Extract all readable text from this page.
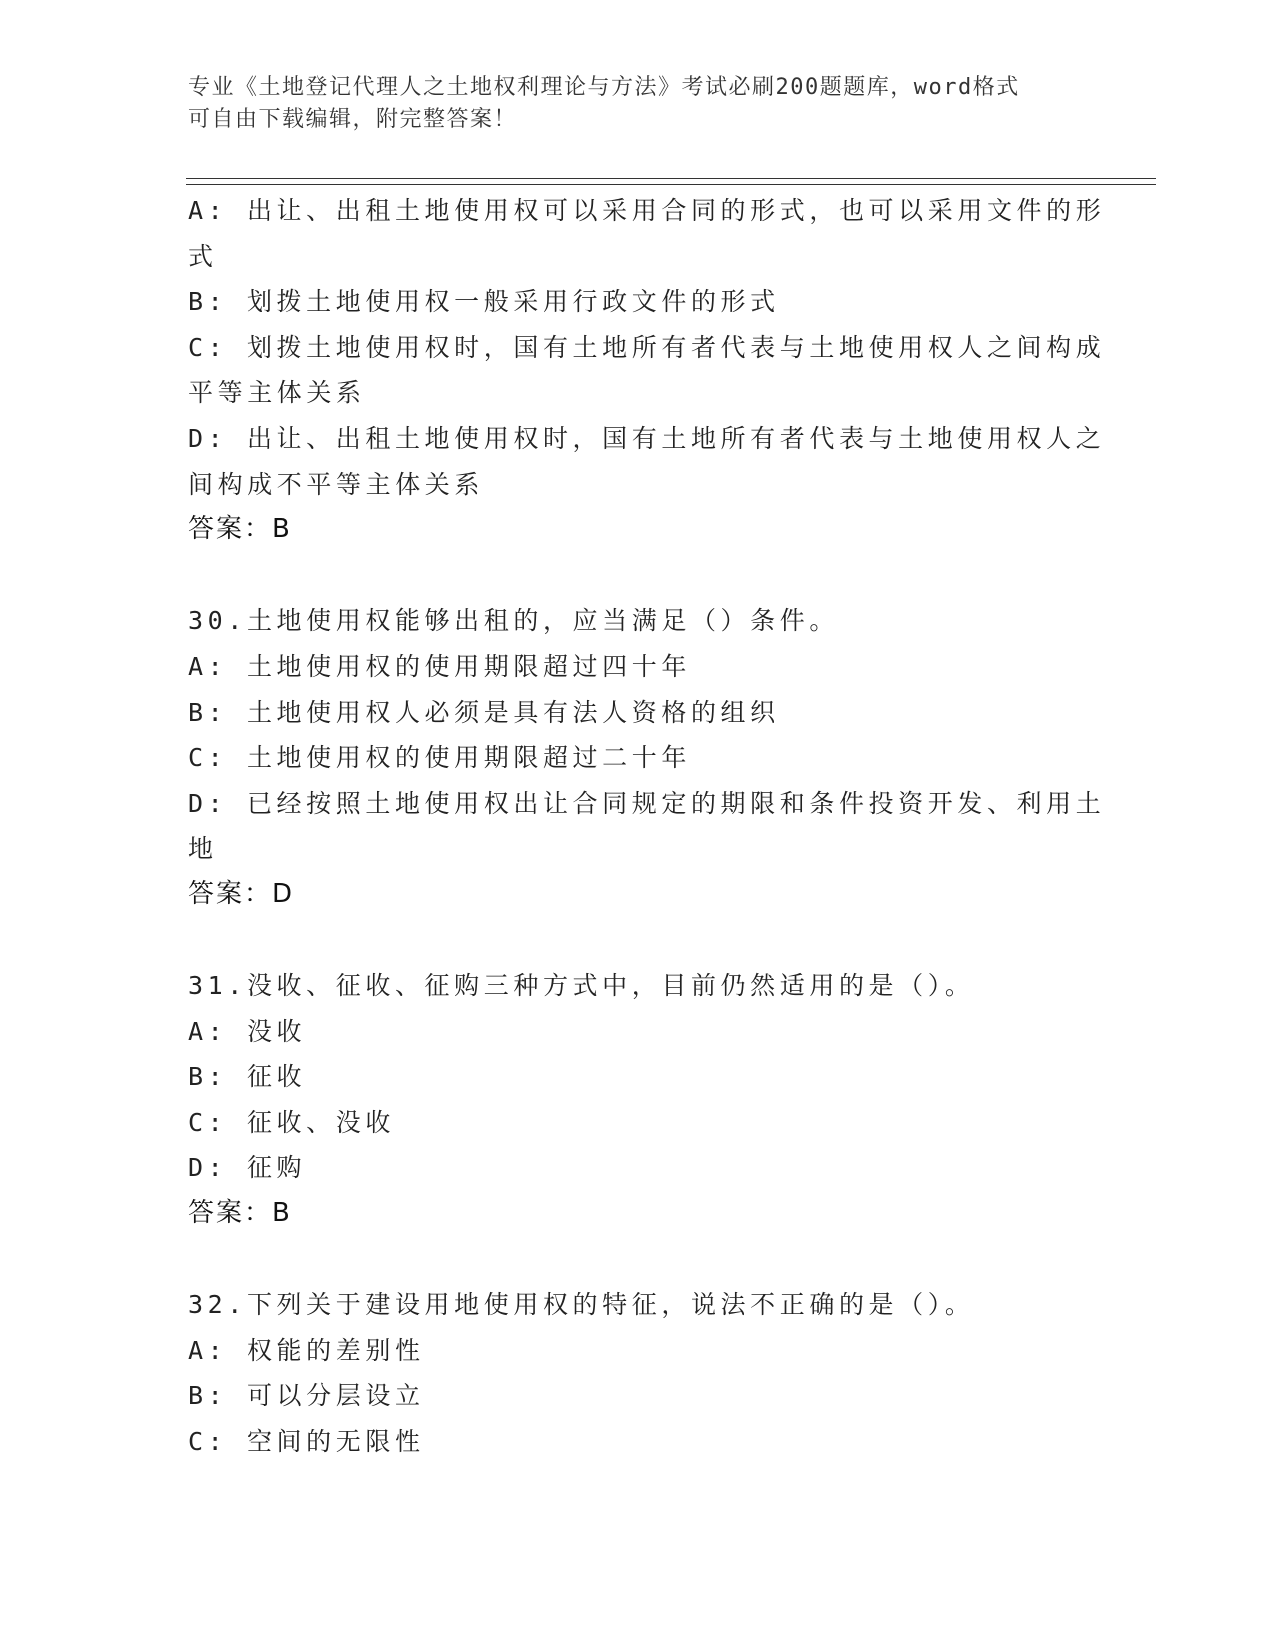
专业《土地登记代理人之土地权利理论与方法》考试必刷200题题库，word格式
可自由下载编辑，附完整答案！
A: 出让、出租土地使用权可以采用合同的形式，也可以采用文件的形
式
B: 划拨土地使用权一般采用行政文件的形式
C: 划拨土地使用权时，国有土地所有者代表与土地使用权人之间构成
平等主体关系
D: 出让、出租土地使用权时，国有土地所有者代表与土地使用权人之
间构成不平等主体关系
答案：B
30.土地使用权能够出租的，应当满足（）条件。
A: 土地使用权的使用期限超过四十年
B: 土地使用权人必须是具有法人资格的组织
C: 土地使用权的使用期限超过二十年
D: 已经按照土地使用权出让合同规定的期限和条件投资开发、利用土
地
答案：D
31.没收、征收、征购三种方式中，目前仍然适用的是（）。
A: 没收
B: 征收
C: 征收、没收
D: 征购
答案：B
32.下列关于建设用地使用权的特征，说法不正确的是（）。
A: 权能的差别性
B: 可以分层设立
C: 空间的无限性
